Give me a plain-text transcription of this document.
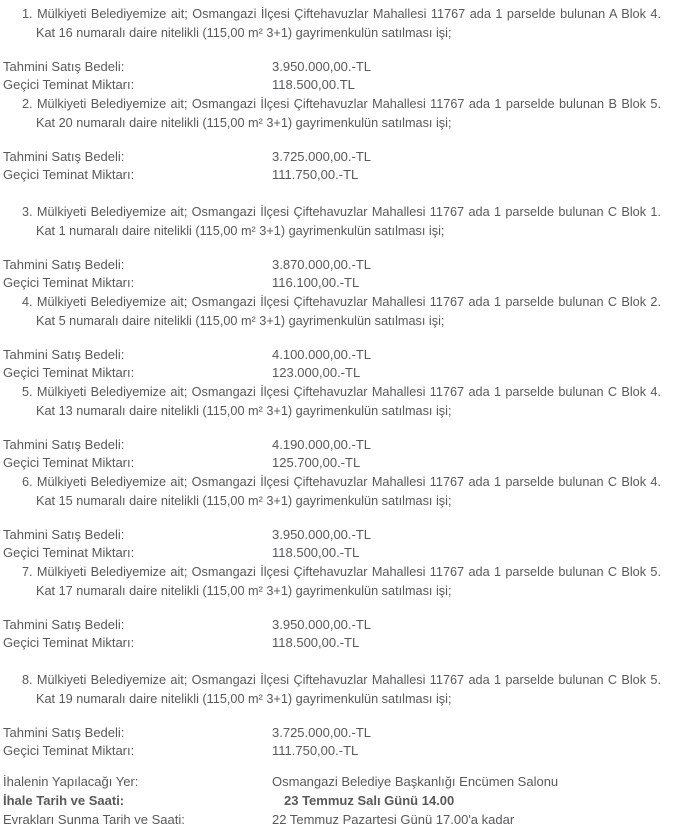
1. Mülkiyeti Belediyemize ait; Osmangazi İlçesi Çiftehavuzlar Mahallesi 11767 ada 1 parselde bulunan A Blok 4.

Kat 16 numaralı daire nitelikli (115,00 m² 3+1) gayrimenkulün satılması işi;

Tahmini Satış Bedeli:	3.950.000,00.-TL
Geçici Teminat Miktarı:	118.500,00.TL

2. Mülkiyeti Belediyemize ait; Osmangazi İlçesi Çiftehavuzlar Mahallesi 11767 ada 1 parselde bulunan B Blok 5.

Kat 20 numaralı daire nitelikli (115,00 m² 3+1) gayrimenkulün satılması işi;

Tahmini Satış Bedeli:	3.725.000,00.-TL
Geçici Teminat Miktarı:	111.750,00.-TL

3. Mülkiyeti Belediyemize ait; Osmangazi İlçesi Çiftehavuzlar Mahallesi 11767 ada 1 parselde bulunan C Blok 1.

Kat 1 numaralı daire nitelikli (115,00 m² 3+1) gayrimenkulün satılması işi;

Tahmini Satış Bedeli:	3.870.000,00.-TL
Geçici Teminat Miktarı:	116.100,00.-TL

4. Mülkiyeti Belediyemize ait; Osmangazi İlçesi Çiftehavuzlar Mahallesi 11767 ada 1 parselde bulunan C Blok 2.

Kat 5 numaralı daire nitelikli (115,00 m² 3+1) gayrimenkulün satılması işi;

Tahmini Satış Bedeli:	4.100.000,00.-TL
Geçici Teminat Miktarı:	123.000,00.-TL

5. Mülkiyeti Belediyemize ait; Osmangazi İlçesi Çiftehavuzlar Mahallesi 11767 ada 1 parselde bulunan C Blok 4.

Kat 13 numaralı daire nitelikli (115,00 m² 3+1) gayrimenkulün satılması işi;

Tahmini Satış Bedeli:	4.190.000,00.-TL
Geçici Teminat Miktarı:	125.700,00.-TL

6. Mülkiyeti Belediyemize ait; Osmangazi İlçesi Çiftehavuzlar Mahallesi 11767 ada 1 parselde bulunan C Blok 4.

Kat 15 numaralı daire nitelikli (115,00 m² 3+1) gayrimenkulün satılması işi;

Tahmini Satış Bedeli:	3.950.000,00.-TL
Geçici Teminat Miktarı:	118.500,00.-TL

7. Mülkiyeti Belediyemize ait; Osmangazi İlçesi Çiftehavuzlar Mahallesi 11767 ada 1 parselde bulunan C Blok 5.

Kat 17 numaralı daire nitelikli (115,00 m² 3+1) gayrimenkulün satılması işi;

Tahmini Satış Bedeli:	3.950.000,00.-TL
Geçici Teminat Miktarı:	118.500,00.-TL

8. Mülkiyeti Belediyemize ait; Osmangazi İlçesi Çiftehavuzlar Mahallesi 11767 ada 1 parselde bulunan C Blok 5.

Kat 19 numaralı daire nitelikli (115,00 m² 3+1) gayrimenkulün satılması işi;

Tahmini Satış Bedeli:	3.725.000,00.-TL
Geçici Teminat Miktarı:	111.750,00.-TL
İhalenin Yapılacağı Yer:	Osmangazi Belediye Başkanlığı Encümen Salonu
İhale Tarih ve Saati:	23 Temmuz Salı Günü 14.00
Evrakları Sunma Tarih ve Saati:	22 Temmuz Pazartesi Günü 17.00'a kadar
